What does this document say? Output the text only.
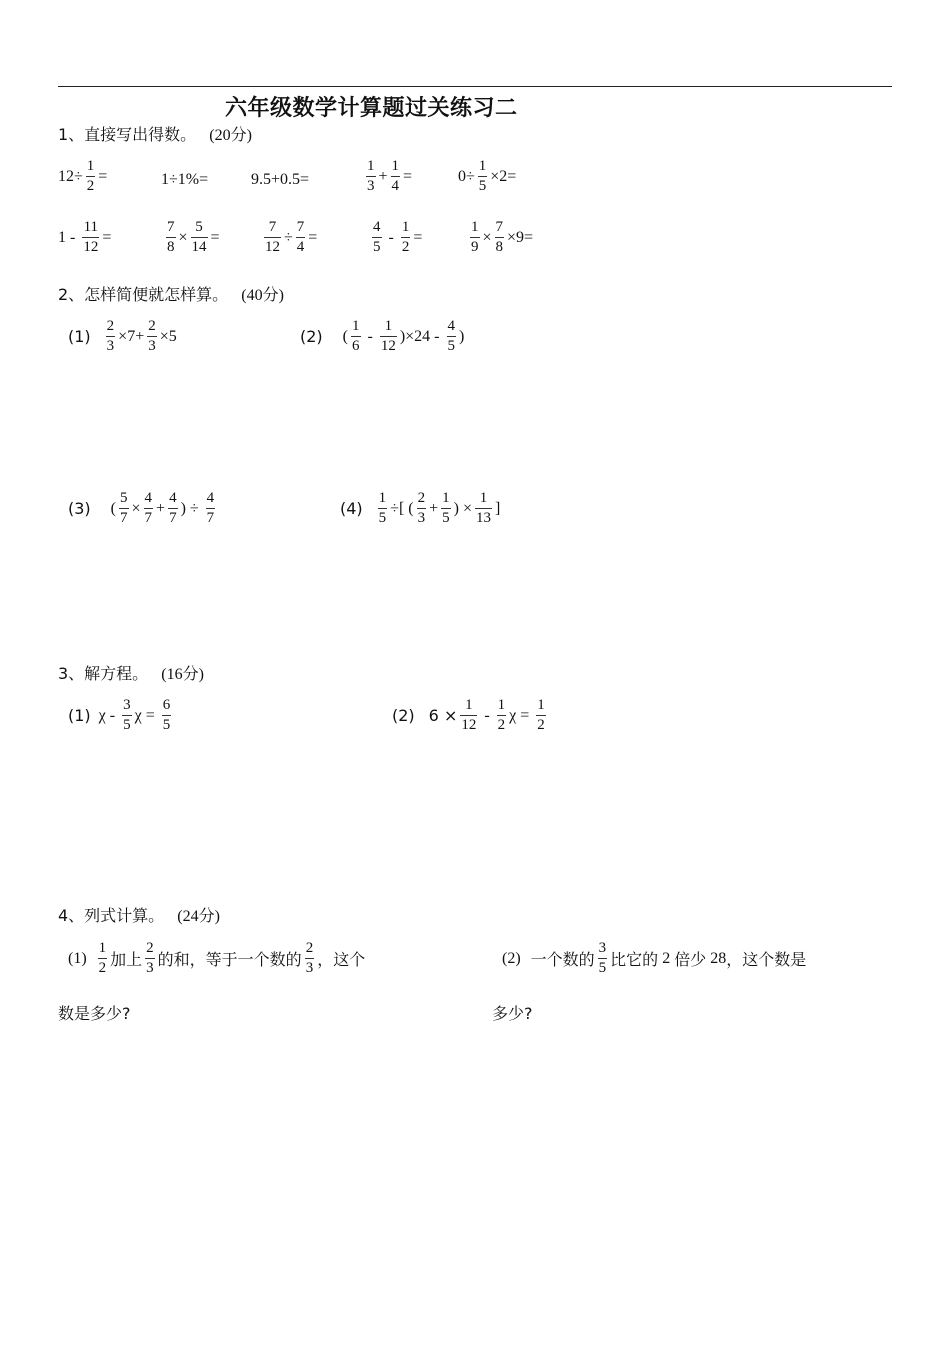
六年级数学计算题过关练习二
1、直接写出得数。 (20分)
$12\div \frac{1}{2}$ =	1÷1%=	9.5+0.5=	$\frac{1}{3} + \frac{1}{4}$ =	$0\div \frac{1}{5} \times 2=$
$1 - \frac{11}{12}$ =	$\frac{7}{8} \times \frac{5}{14}$ =	$\frac{7}{12} \div \frac{7}{4}$ =	$\frac{4}{5} - \frac{1}{2}$ =	$\frac{1}{9} \times \frac{7}{8} \times 9=$
2、怎样简便就怎样算。 (40分)
$(1) \frac{2}{3} \times 7+ \frac{2}{3} \times 5$	(2) ( $\frac{1}{6} - \frac{1}{12} )\times 24 - \frac{4}{5}$ )
(3) ( $\frac{5}{7} \times \frac{4}{7} + \frac{4}{7}$ ) ÷ $\frac{4}{7}$	$(4) \frac{1}{5}$ ÷[ ( $\frac{2}{3} + \frac{1}{5}$ ) × $\frac{1}{13}$ ]
3、解方程。 (16分)
(1) χ - $\frac{3}{5}$ $\chi = \frac{6}{5}$	(2) $6 \times \frac{1}{12} - \frac{1}{2}$ $\chi = \frac{1}{2}$
4、列式计算。 (24分)
$(1) \frac{1}{2}$ 加上 $\frac{2}{3}$ 的和，等于一个数的 $\frac{2}{3}$ ，这个
数是多少?
(2) 一个数的 $\frac{3}{5}$ 比它的 2 倍少 28 ，这个数是
多少?
